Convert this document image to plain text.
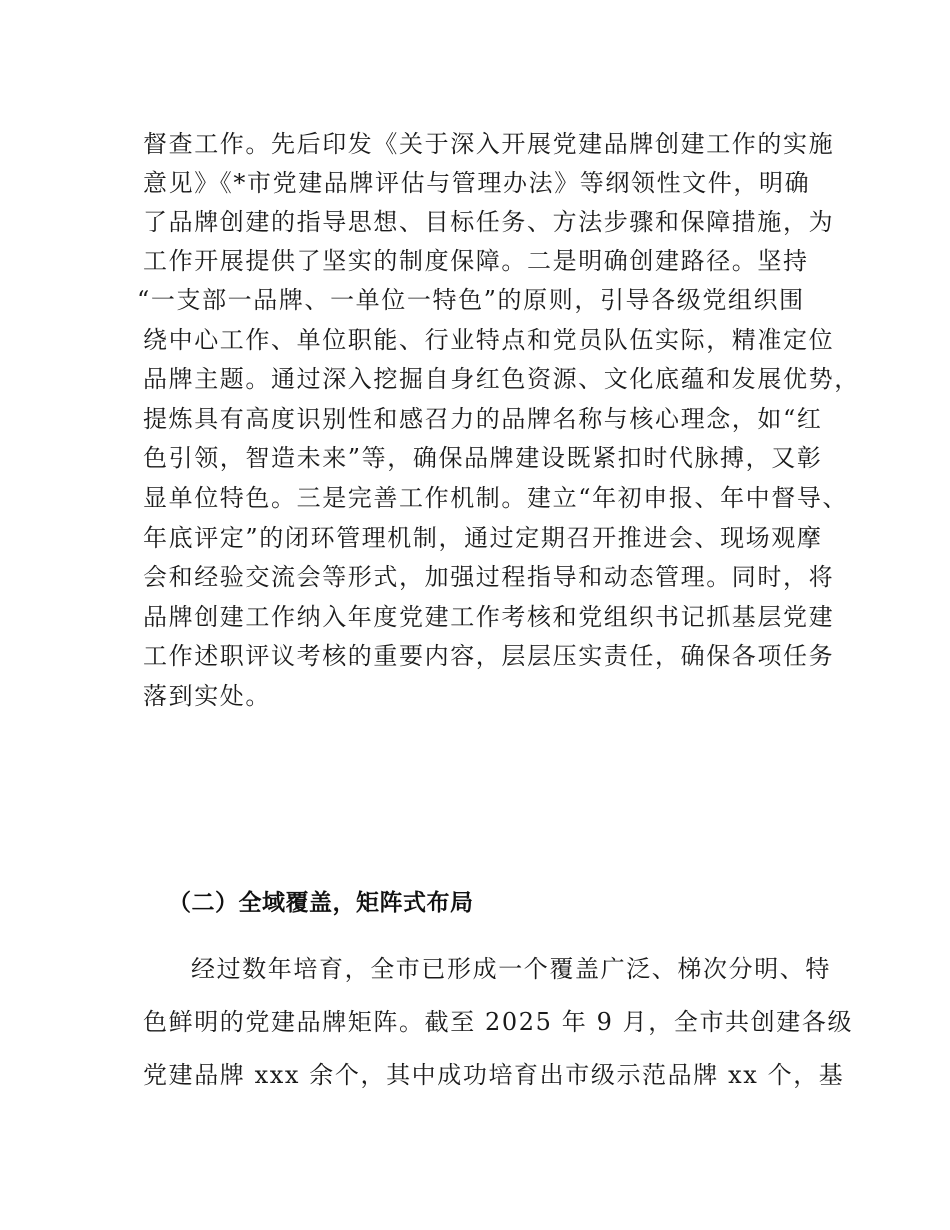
督查工作。先后印发《关于深入开展党建品牌创建工作的实施
意见》《*市党建品牌评估与管理办法》等纲领性文件，明确
了品牌创建的指导思想、目标任务、方法步骤和保障措施，为
工作开展提供了坚实的制度保障。二是明确创建路径。坚持
“一支部一品牌、一单位一特色”的原则，引导各级党组织围
绕中心工作、单位职能、行业特点和党员队伍实际，精准定位
品牌主题。通过深入挖掘自身红色资源、文化底蕴和发展优势，
提炼具有高度识别性和感召力的品牌名称与核心理念，如“红
色引领，智造未来”等，确保品牌建设既紧扣时代脉搏，又彰
显单位特色。三是完善工作机制。建立“年初申报、年中督导、
年底评定”的闭环管理机制，通过定期召开推进会、现场观摩
会和经验交流会等形式，加强过程指导和动态管理。同时，将
品牌创建工作纳入年度党建工作考核和党组织书记抓基层党建
工作述职评议考核的重要内容，层层压实责任，确保各项任务
落到实处。
（二）全域覆盖，矩阵式布局
经过数年培育，全市已形成一个覆盖广泛、梯次分明、特
色鲜明的党建品牌矩阵。截至 2025 年 9 月，全市共创建各级
党建品牌 xxx 余个，其中成功培育出市级示范品牌 xx 个，基
